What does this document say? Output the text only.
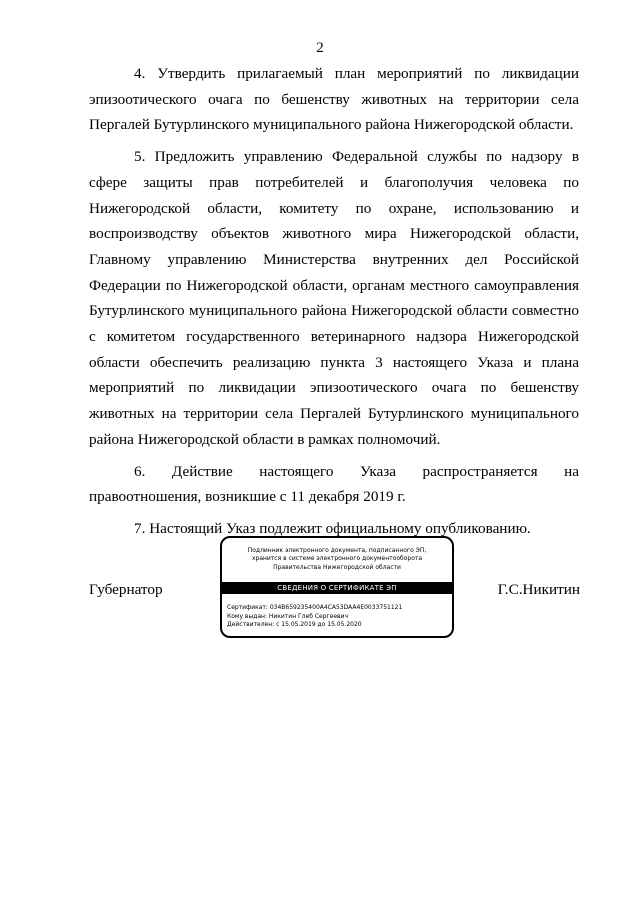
2

4. Утвердить прилагаемый план мероприятий по ликвидации эпизоотического очага по бешенству животных на территории села Пергалей Бутурлинского муниципального района Нижегородской области.

5. Предложить управлению Федеральной службы по надзору в сфере защиты прав потребителей и благополучия человека по Нижегородской области, комитету по охране, использованию и воспроизводству объектов животного мира Нижегородской области, Главному управлению Министерства внутренних дел Российской Федерации по Нижегородской области, органам местного самоуправления Бутурлинского муниципального района Нижегородской области совместно с комитетом государственного ветеринарного надзора Нижегородской области обеспечить реализацию пункта 3 настоящего Указа и плана мероприятий по ликвидации эпизоотического очага по бешенству животных на территории села Пергалей Бутурлинского муниципального района Нижегородской области в рамках полномочий.

6. Действие настоящего Указа распространяется на правоотношения, возникшие с 11 декабря 2019 г.

7. Настоящий Указ подлежит официальному опубликованию.

Губернатор
Подлинник электронного документа, подписанного ЭП,
хранится в системе электронного документооборота
Правительства Нижегородской области
СВЕДЕНИЯ О СЕРТИФИКАТЕ ЭП
Сертификат: 034B659235400A4CA53DAA4E0033751121
Кому выдан: Никитин Глеб Сергеевич
Действителен: с 15.05.2019 до 15.05.2020
Г.С.Никитин
